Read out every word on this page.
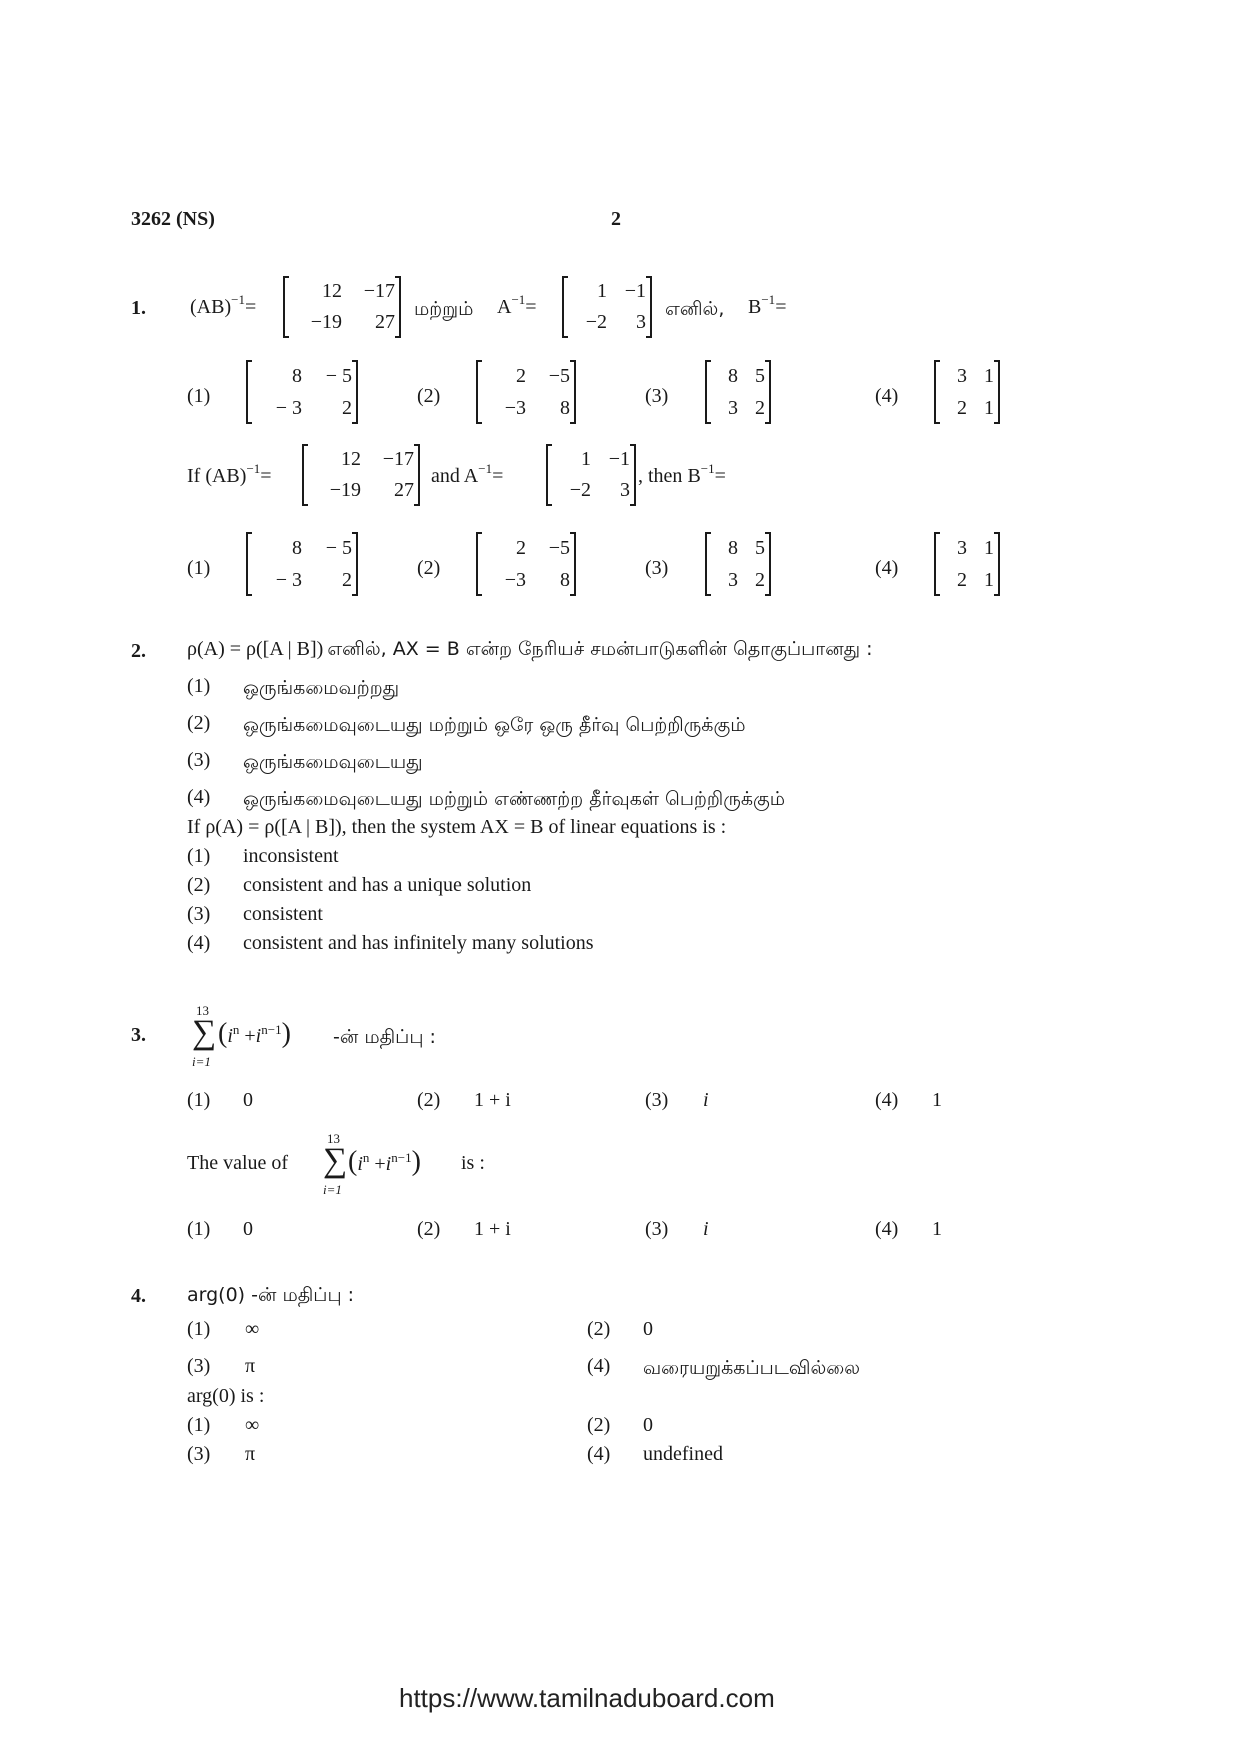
3262 (NS)	2
1. (AB)$^{-1}$=
12	−17
−19	27
மற்றும் $A^{-1}=$
1 −1
−2	3
எனில், $B^{-1}=$
(1)
8	− 5
− 3	2
(2)
2	−5
−3	8
(3)
8 5
3 2
(4)
3 1
2 1
If (AB)$^{-1}$=
12	−17
−19	27
and $A^{-1}=$
1 −1
−2	3
, then $B^{-1}=$
(1)
8	− 5
− 3	2
(2)
2	−5
−3	8
(3)
8 5
3 2
(4)
3 1
2 1
2. ρ(A) = ρ([A | B]) எனில், AX = B என்ற நேரியச் சமன்பாடுகளின் தொகுப்பானது :
(1) ஒருங்கமைவற்றது
(2) ஒருங்கமைவுடையது மற்றும் ஒரே ஒரு தீர்வு பெற்றிருக்கும்
(3) ஒருங்கமைவுடையது
(4) ஒருங்கமைவுடையது மற்றும் எண்ணற்ற தீர்வுகள் பெற்றிருக்கும்
If ρ(A) = ρ([A | B]), then the system AX = B of linear equations is :
(1) inconsistent
(2) consistent and has a unique solution
(3) consistent
(4) consistent and has infinitely many solutions
3.
13
∑
i=1
$(i^n +i^{n-1})$ -ன் மதிப்பு :
(1) 0	(2) 1 + i	(3) i	(4) 1
The value of
13
∑
i=1
$(i^n +i^{n-1})$ is :
(1) 0	(2) 1 + i	(3) i	(4) 1
4. arg(0) -ன் மதிப்பு :
(1) ∞	(2) 0
(3) π	(4) வரையறுக்கப்படவில்லை
arg(0) is :
(1) ∞	(2) 0
(3) π	(4) undefined
https://www.tamilnaduboard.com
